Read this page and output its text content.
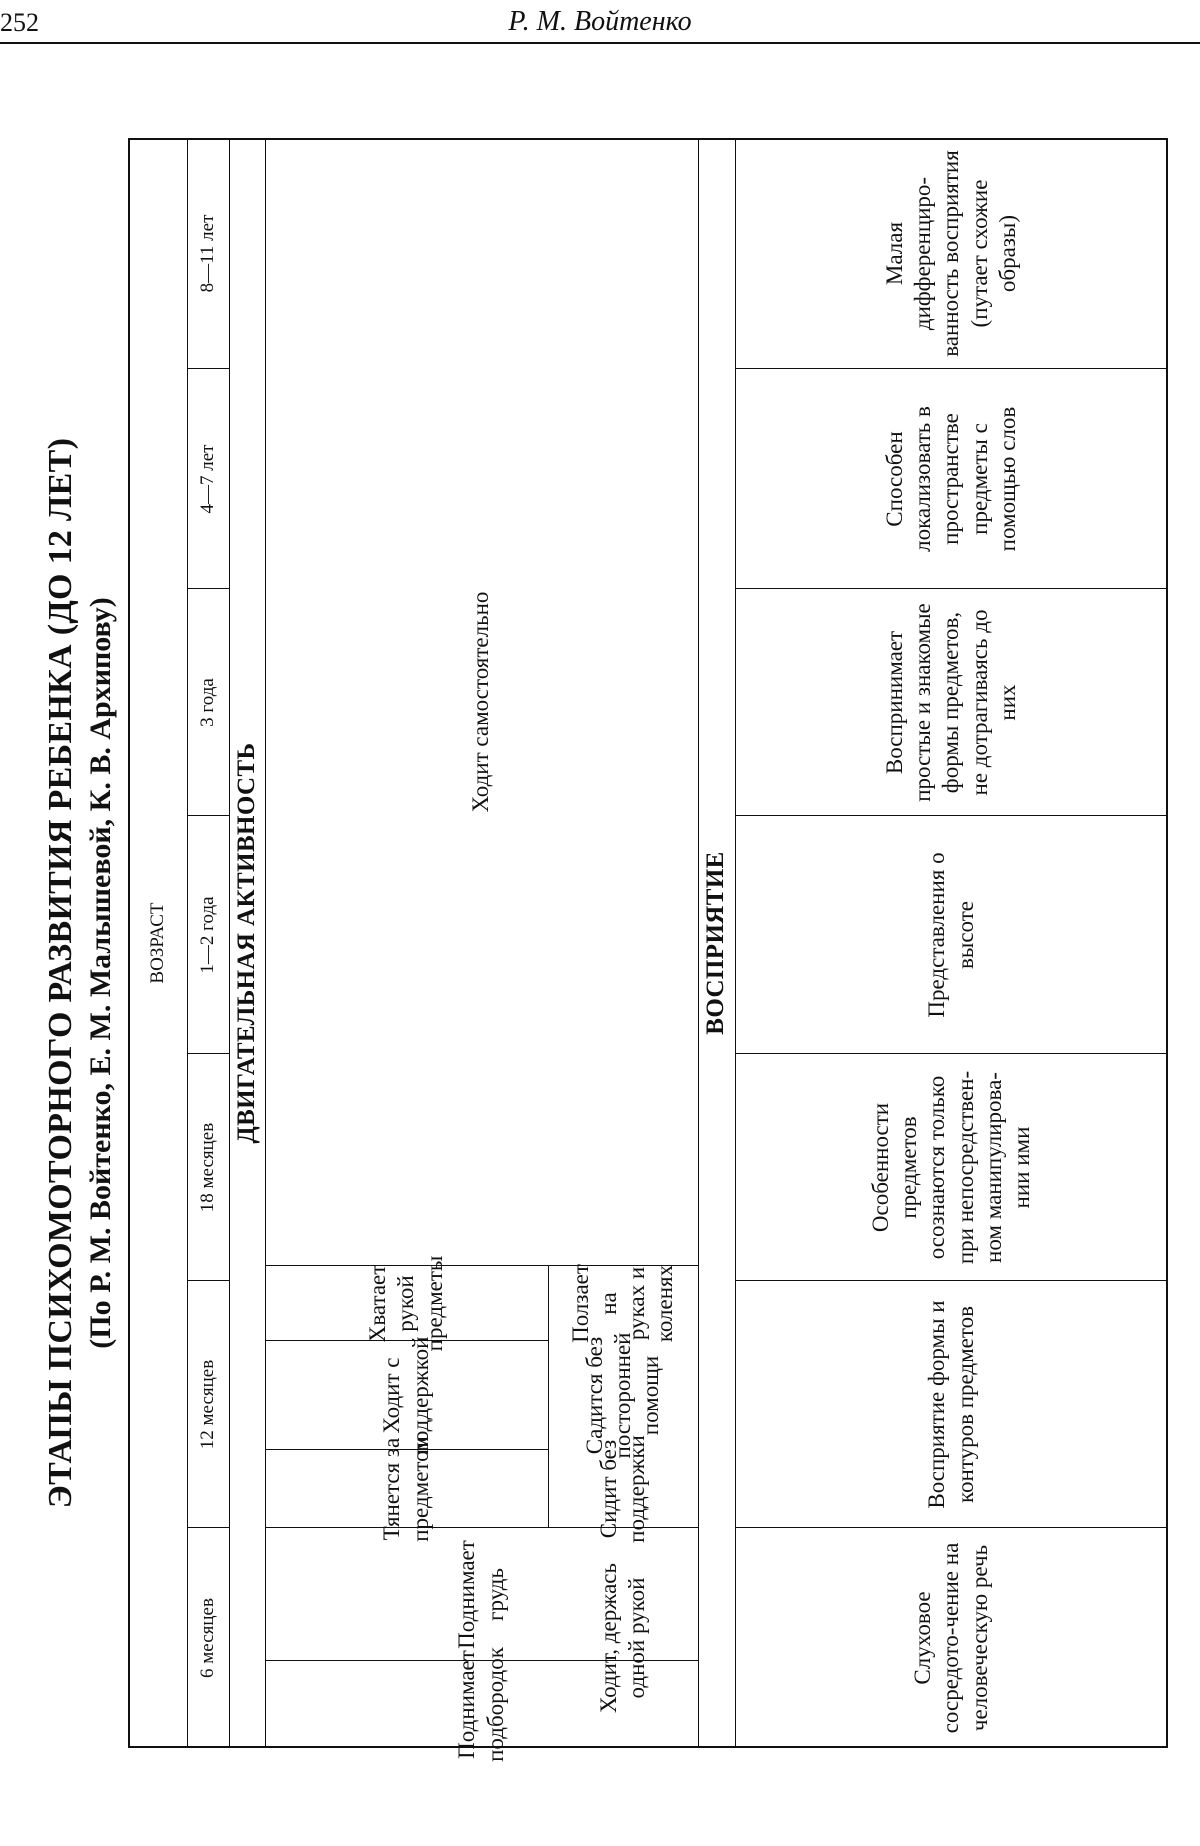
252	Р. М. Войтенко
ЭТАПЫ ПСИХОМОТОРНОГО РАЗВИТИЯ РЕБЕНКА (ДО 12 ЛЕТ) (По Р. М. Войтенко, Е. М. Малышевой, К. В. Архипову)	ВОЗРАСТ
6 месяцев
12 месяцев
18 месяцев
1—2 года
3 года
4—7 лет
8—11 лет
ДВИГАТЕЛЬНАЯ АКТИВНОСТЬ
Поднимает подбородок
Поднимает грудь
Тянется за предметом
Ходит с поддержкой
Хватает рукой предметы
Сидит без поддержки
Садится без посторонней помощи
Ползает на руках и коленях
Ходит, держась одной рукой
Ходит самостоятельно
ВОСПРИЯТИЕ
Слуховое сосредото-чение на человеческую речь
Восприятие формы и контуров предметов
Особенности предметов осознаются только при непосредствен-ном манипулирова-нии ими
Представления о высоте
Воспринимает простые и знакомые формы предметов, не дотрагиваясь до них
Способен локализовать в пространстве предметы с помощью слов
Малая дифференциро-ванность восприятия (путает схожие образы)
